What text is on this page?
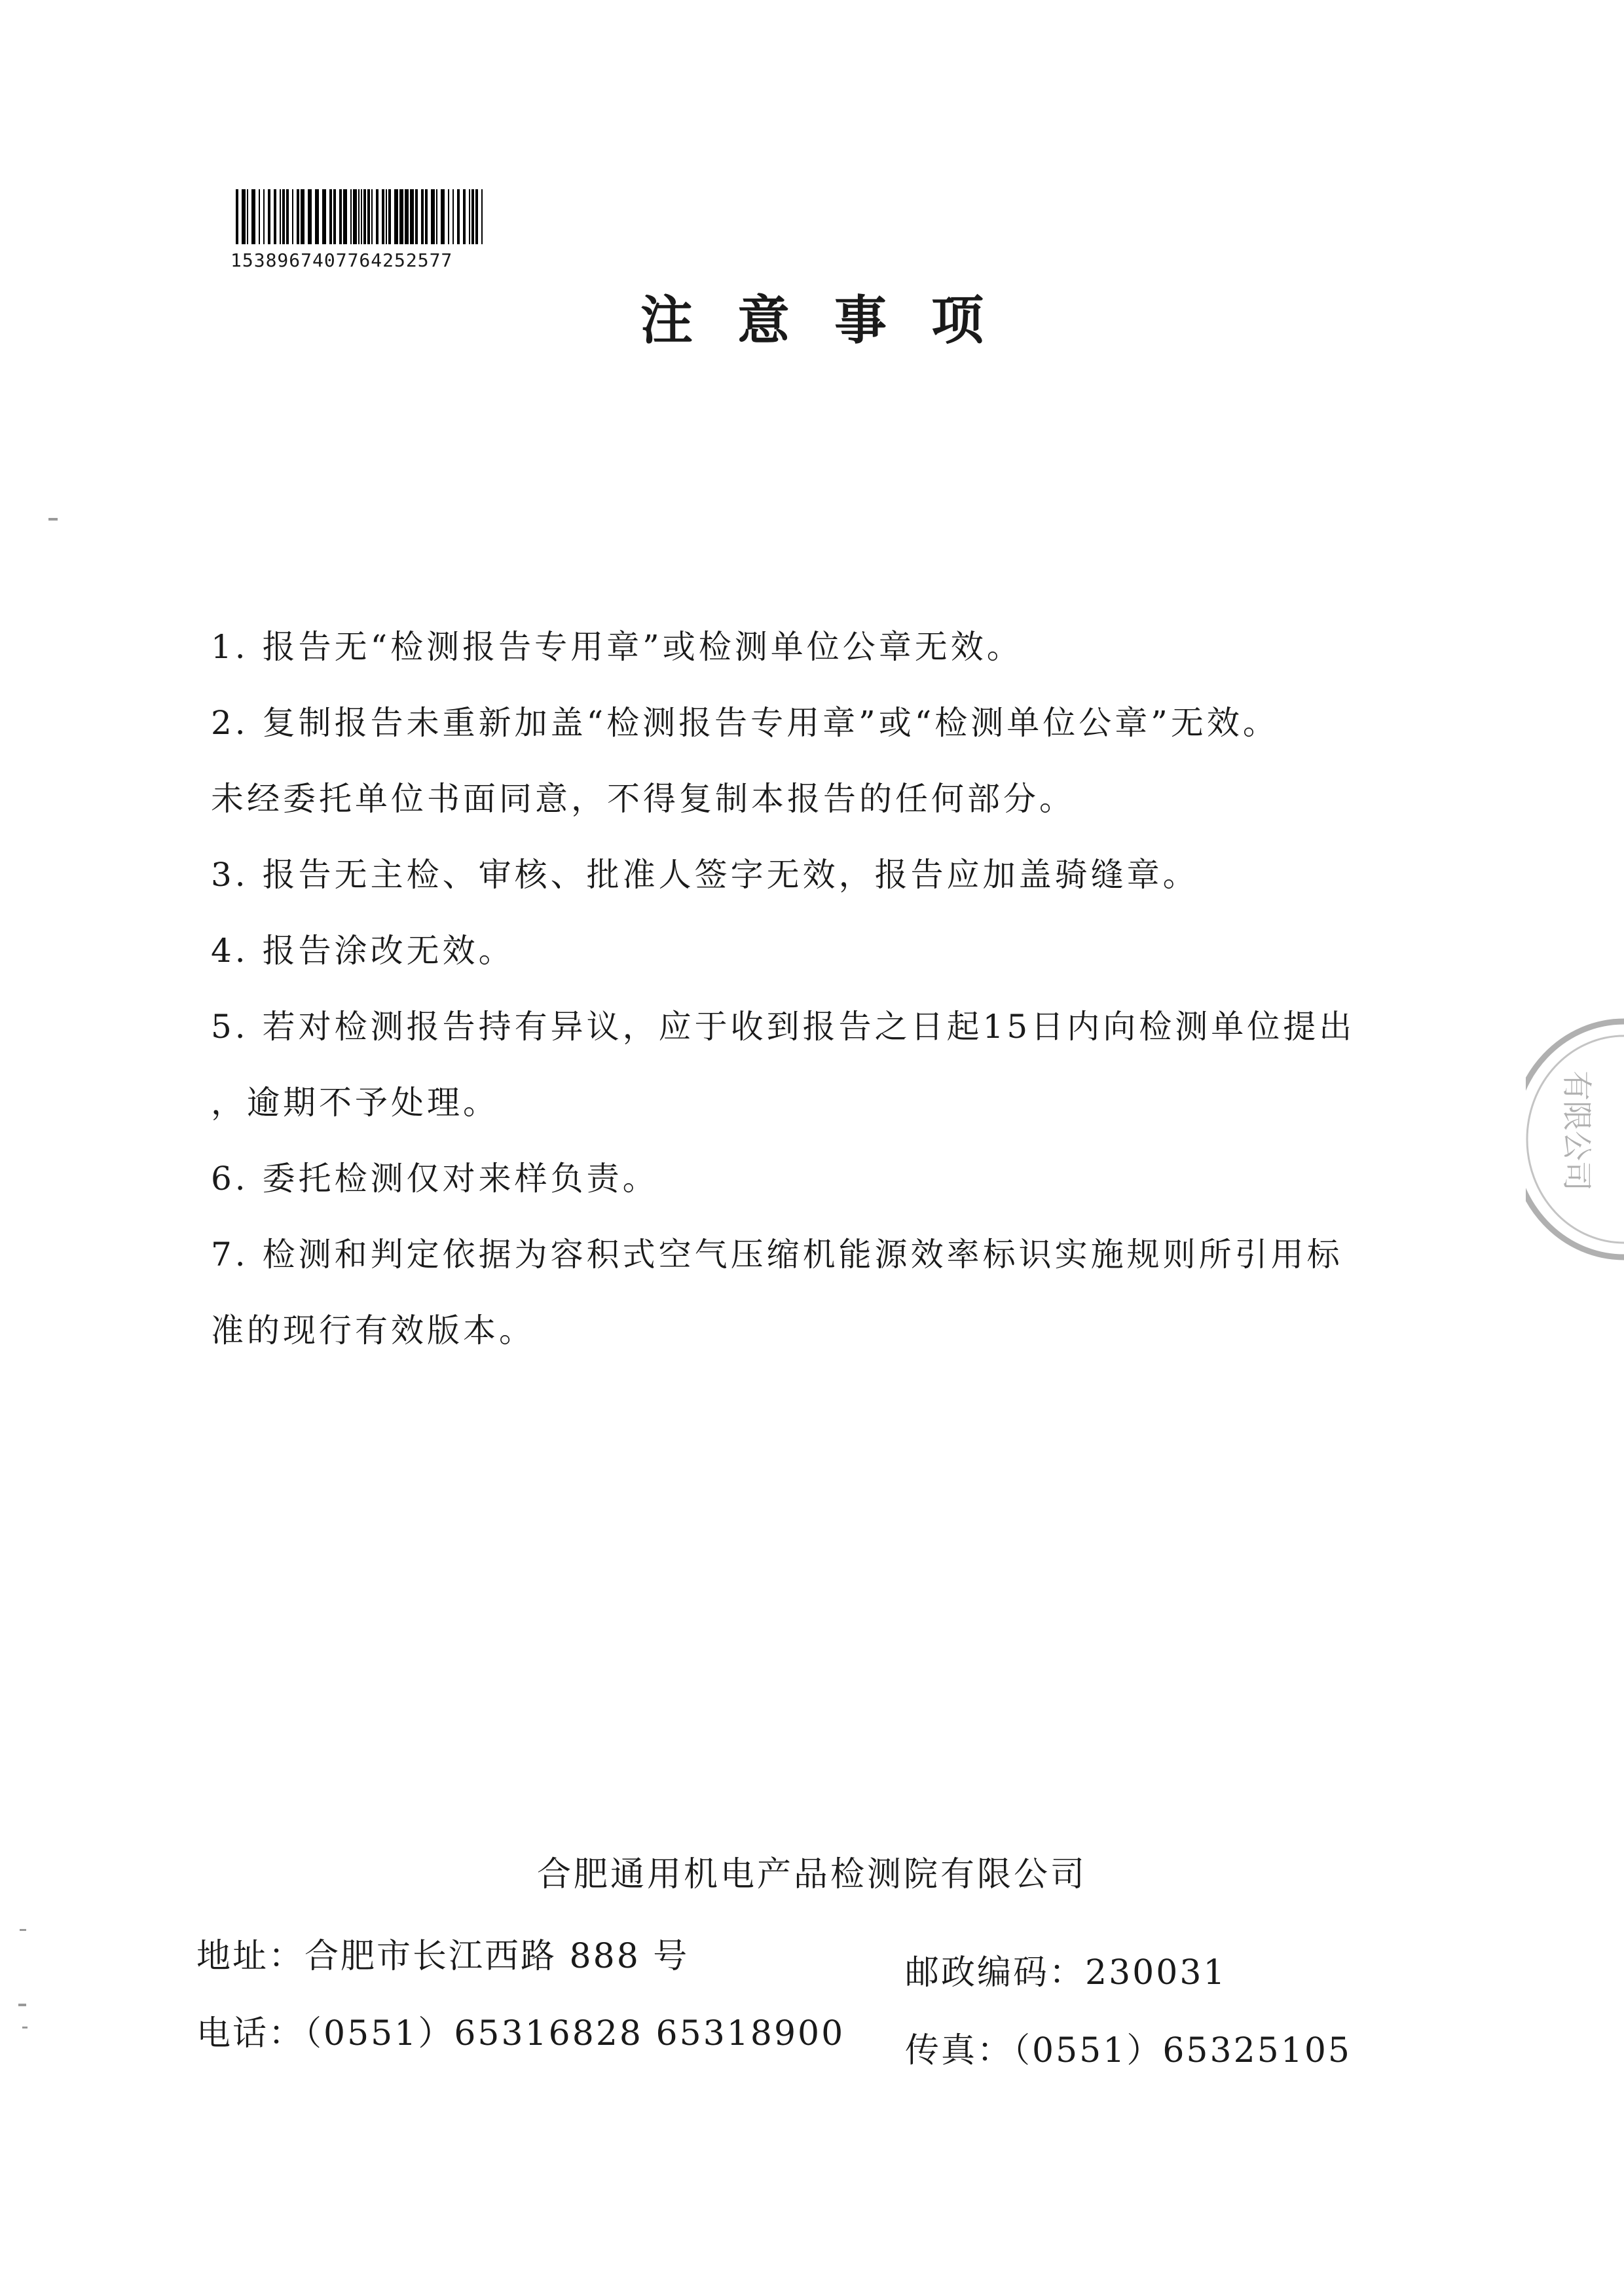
1538967407764252577
注 意 事 项
1. 报告无“检测报告专用章”或检测单位公章无效。
2. 复制报告未重新加盖“检测报告专用章”或“检测单位公章”无效。
未经委托单位书面同意，不得复制本报告的任何部分。
3. 报告无主检、审核、批准人签字无效，报告应加盖骑缝章。
4. 报告涂改无效。
5. 若对检测报告持有异议，应于收到报告之日起15日内向检测单位提出
，逾期不予处理。
6. 委托检测仅对来样负责。
7. 检测和判定依据为容积式空气压缩机能源效率标识实施规则所引用标
准的现行有效版本。
合肥通用机电产品检测院有限公司
地址：合肥市长江西路 888 号
电话：（0551）65316828 65318900
邮政编码：230031
传真：（0551）65325105
有限公司
